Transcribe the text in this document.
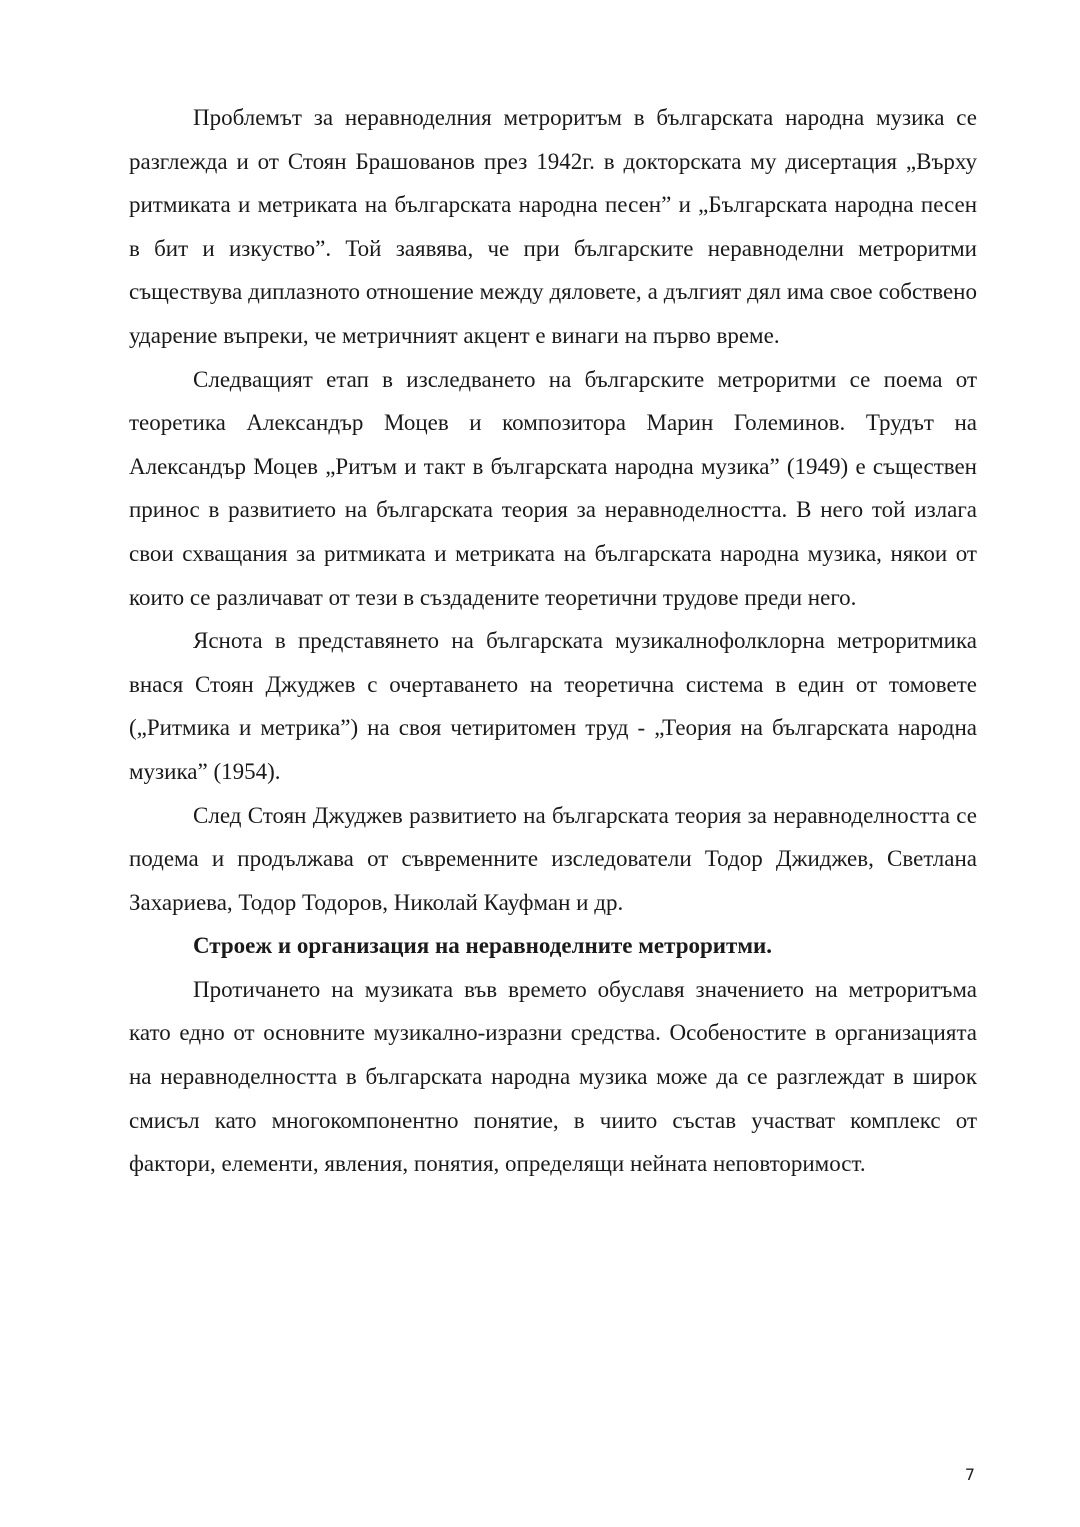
Проблемът за неравноделния метроритъм в българската народна музика се разглежда и от Стоян Брашованов през 1942г. в докторската му дисертация „Върху ритмиката и метриката на българската народна песен” и „Българската народна песен в бит и изкуство”. Той заявява, че при българските неравноделни метроритми съществува диплазното отношение между дяловете, а дългият дял има свое собствено ударение въпреки, че метричният акцент е винаги на първо време.

Следващият етап в изследването на българските метроритми се поема от теоретика Александър Моцев и композитора Марин Големинов. Трудът на Александър Моцев „Ритъм и такт в българската народна музика” (1949) е съществен принос в развитието на българската теория за неравноделността. В него той излага свои схващания за ритмиката и метриката на българската народна музика, някои от които се различават от тези в създадените теоретични трудове преди него.

Яснота в представянето на българската музикалнофолклорна метроритмика внася Стоян Джуджев с очертаването на теоретична система в един от томовете („Ритмика и метрика”) на своя четиритомен труд - „Теория на българската народна музика” (1954).

След Стоян Джуджев развитието на българската теория за неравноделността се подема и продължава от съвременните изследователи Тодор Джиджев, Светлана Захариева, Тодор Тодоров, Николай Кауфман и др.

Строеж и организация на неравноделните метроритми.

Протичането на музиката във времето обуславя значението на метроритъма като едно от основните музикално-изразни средства. Особеностите в организацията на неравноделността в българската народна музика може да се разглеждат в широк смисъл като многокомпонентно понятие, в чиито състав участват комплекс от фактори, елементи, явления, понятия, определящи нейната неповторимост.

7
